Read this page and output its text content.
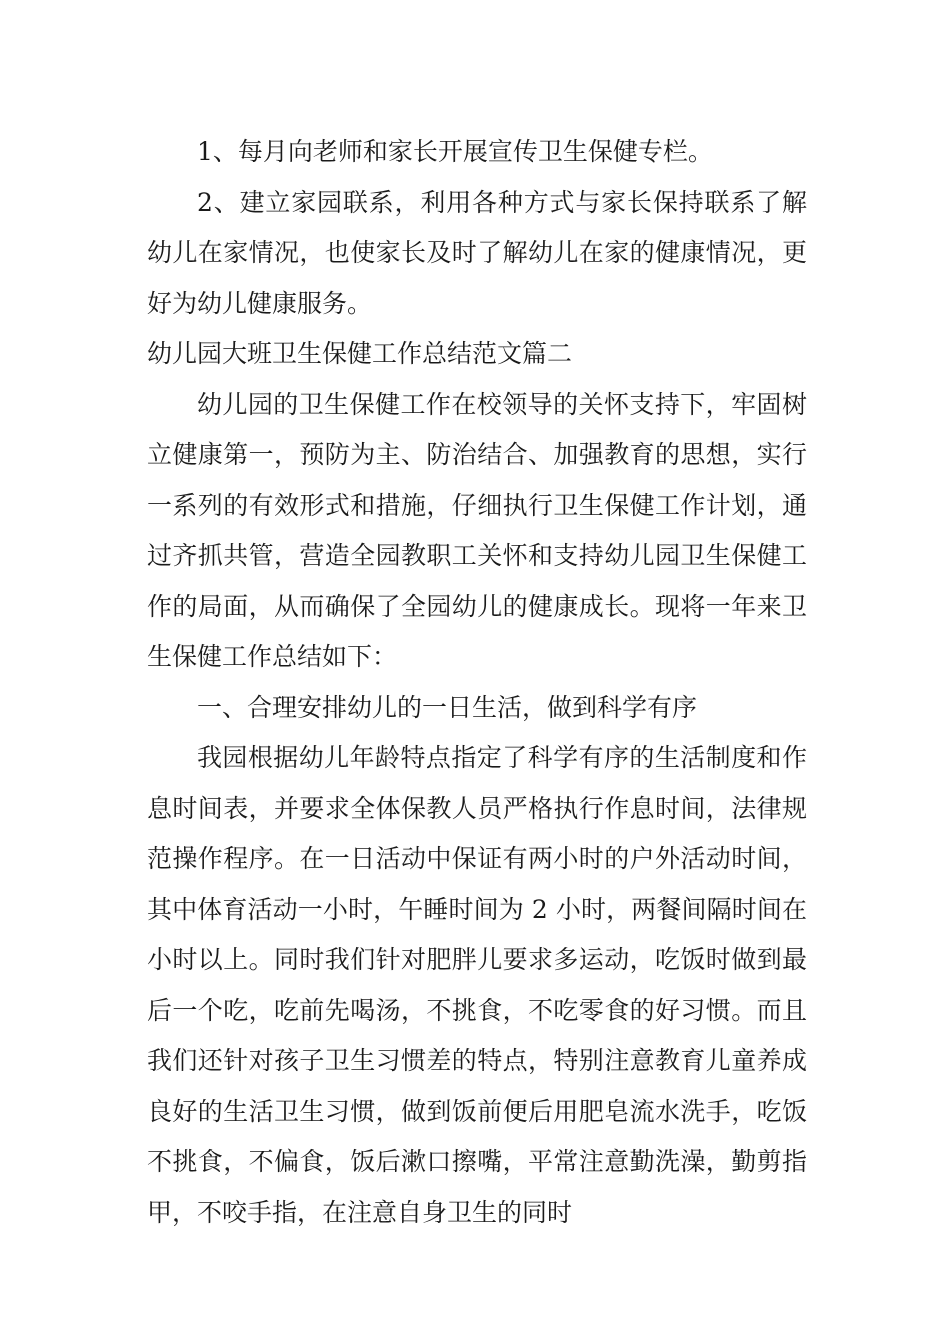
1、每月向老师和家长开展宣传卫生保健专栏。

2、建立家园联系，利用各种方式与家长保持联系了解幼儿在家情况，也使家长及时了解幼儿在家的健康情况，更好为幼儿健康服务。

幼儿园大班卫生保健工作总结范文篇二

幼儿园的卫生保健工作在校领导的关怀支持下，牢固树立健康第一，预防为主、防治结合、加强教育的思想，实行一系列的有效形式和措施，仔细执行卫生保健工作计划，通过齐抓共管，营造全园教职工关怀和支持幼儿园卫生保健工作的局面，从而确保了全园幼儿的健康成长。现将一年来卫生保健工作总结如下：

一、合理安排幼儿的一日生活，做到科学有序

我园根据幼儿年龄特点指定了科学有序的生活制度和作息时间表，并要求全体保教人员严格执行作息时间，法律规范操作程序。在一日活动中保证有两小时的户外活动时间，其中体育活动一小时，午睡时间为 2 小时，两餐间隔时间在小时以上。同时我们针对肥胖儿要求多运动，吃饭时做到最后一个吃，吃前先喝汤，不挑食，不吃零食的好习惯。而且我们还针对孩子卫生习惯差的特点，特别注意教育儿童养成良好的生活卫生习惯，做到饭前便后用肥皂流水洗手，吃饭不挑食，不偏食，饭后漱口擦嘴，平常注意勤洗澡，勤剪指甲，不咬手指，在注意自身卫生的同时
